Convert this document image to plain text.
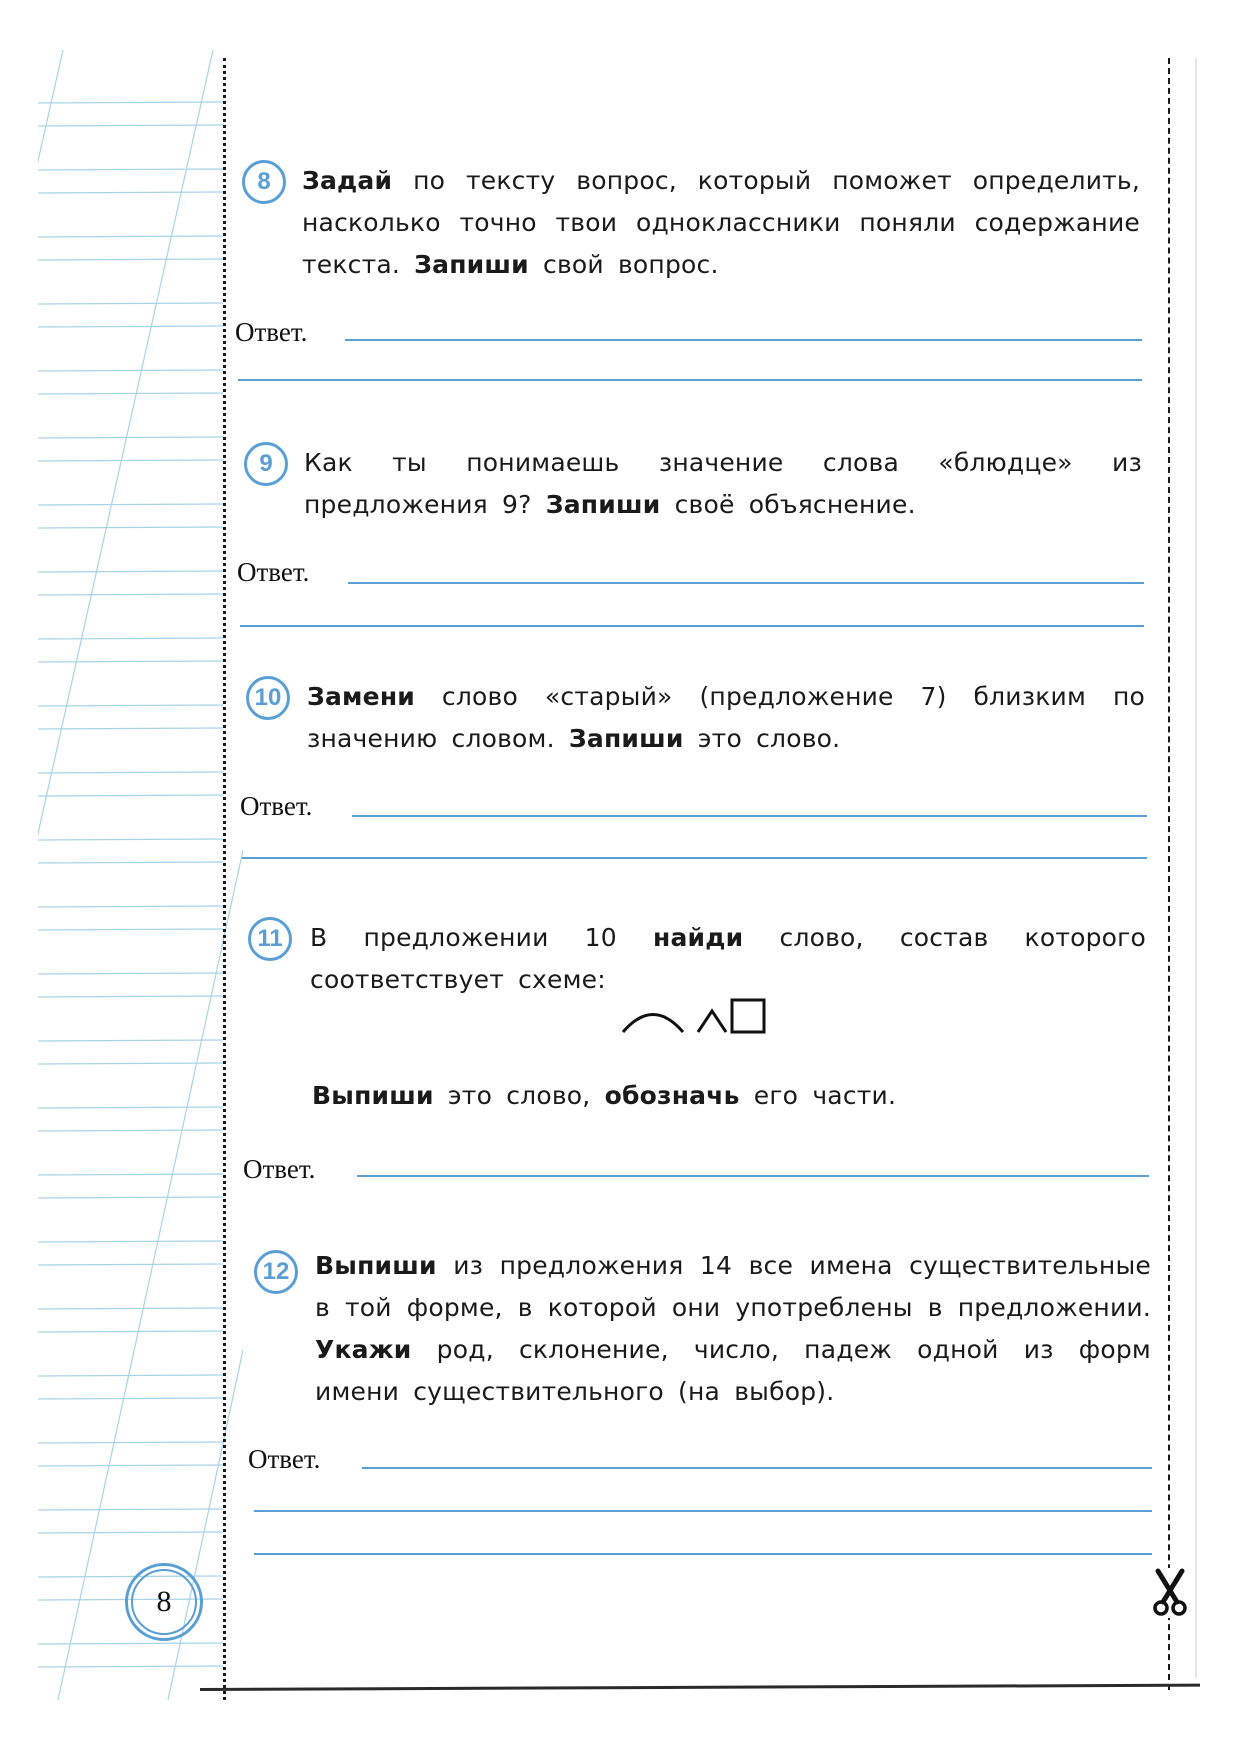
8	Задай по тексту вопрос, который поможет определить, насколько точно твои одноклассники поняли содержание текста. Запиши свой вопрос.
Ответ.
9	Как ты понимаешь значение слова «блюдце» из предложения 9? Запиши своё объяснение.
Ответ.
10	Замени слово «старый» (предложение 7) близким по значению словом. Запиши это слово.
Ответ.
11	В предложении 10 найди слово, состав которого соответствует схеме:
Выпиши это слово, обозначь его части.
Ответ.
12	Выпиши из предложения 14 все имена существительные в той форме, в которой они употреблены в предложении. Укажи род, склонение, число, падеж одной из форм имени существительного (на выбор).
Ответ.
8
